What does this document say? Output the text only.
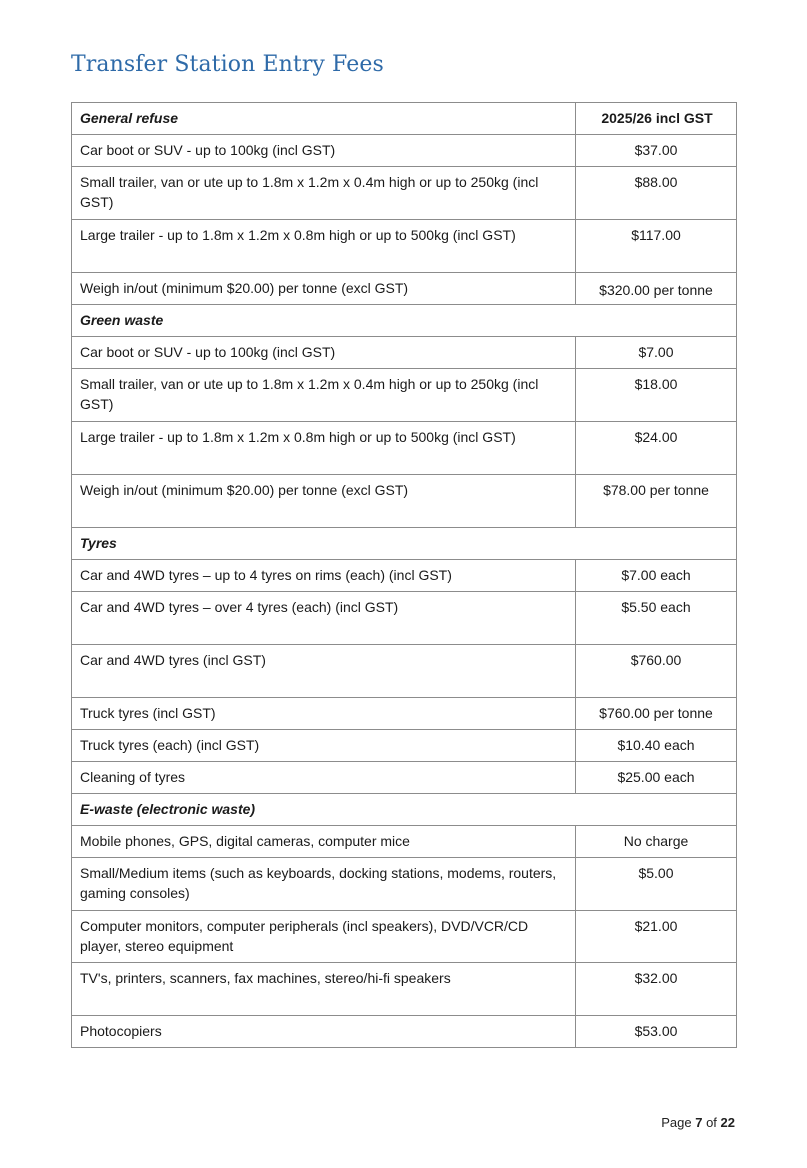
Transfer Station Entry Fees
General refuse	2025/26 incl GST
Car boot or SUV - up to 100kg (incl GST)	$37.00
Small trailer, van or ute up to 1.8m x 1.2m x 0.4m high or up to 250kg (incl GST)	$88.00
Large trailer - up to 1.8m x 1.2m x 0.8m high or up to 500kg (incl GST)	$117.00
Weigh in/out (minimum $20.00) per tonne (excl GST)	$320.00 per tonne
Green waste	
Car boot or SUV - up to 100kg (incl GST)	$7.00
Small trailer, van or ute up to 1.8m x 1.2m x 0.4m high or up to 250kg (incl GST)	$18.00
Large trailer - up to 1.8m x 1.2m x 0.8m high or up to 500kg (incl GST)	$24.00
Weigh in/out (minimum $20.00) per tonne (excl GST)	$78.00 per tonne
Tyres	
Car and 4WD tyres – up to 4 tyres on rims (each) (incl GST)	$7.00 each
Car and 4WD tyres – over 4 tyres (each) (incl GST)	$5.50 each
Car and 4WD tyres (incl GST)	$760.00
Truck tyres (incl GST)	$760.00 per tonne
Truck tyres (each) (incl GST)	$10.40 each
Cleaning of tyres	$25.00 each
E-waste (electronic waste)	
Mobile phones, GPS, digital cameras, computer mice	No charge
Small/Medium items (such as keyboards, docking stations, modems, routers, gaming consoles)	$5.00
Computer monitors, computer peripherals (incl speakers), DVD/VCR/CD player, stereo equipment	$21.00
TV's, printers, scanners, fax machines, stereo/hi-fi speakers	$32.00
Photocopiers	$53.00
Page 7 of 22
